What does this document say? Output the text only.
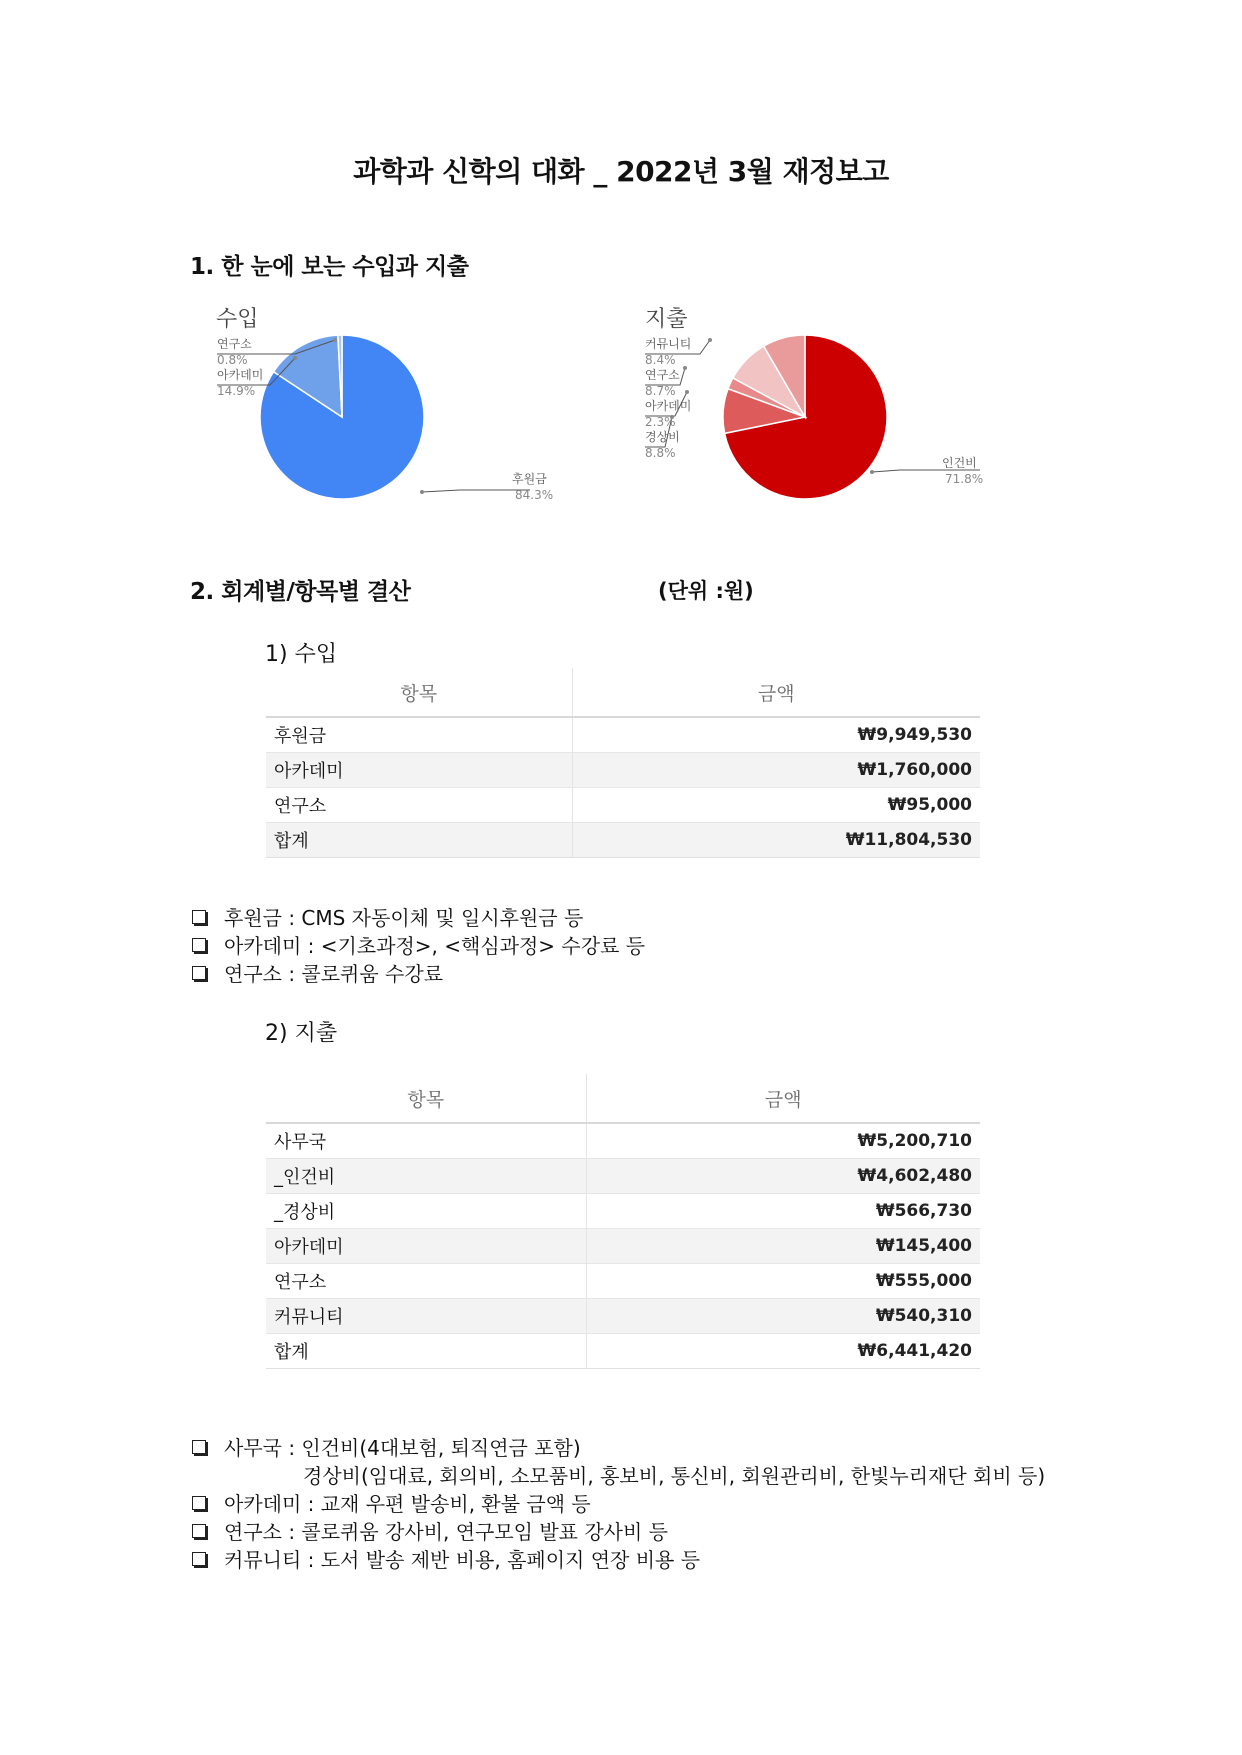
과학과 신학의 대화 _ 2022년 3월 재정보고
1. 한 눈에 보는 수입과 지출
수입
연구소
0.8%
아카데미
14.9%
후원금
84.3%
지출
커뮤니티
8.4%
연구소
8.7%
아카데미
2.3%
경상비
8.8%
인건비
71.8%
2. 회계별/항목별 결산	(단위 :원)
1) 수입
항목	금액
후원금	₩9,949,530
아카데미	₩1,760,000
연구소	₩95,000
합계	₩11,804,530
후원금 : CMS 자동이체 및 일시후원금 등
아카데미 : <기초과정>, <핵심과정> 수강료 등
연구소 : 콜로퀴움 수강료
2) 지출
항목	금액
사무국	₩5,200,710
_인건비	₩4,602,480
_경상비	₩566,730
아카데미	₩145,400
연구소	₩555,000
커뮤니티	₩540,310
합계	₩6,441,420
사무국 : 인건비(4대보험, 퇴직연금 포함)
경상비(임대료, 회의비, 소모품비, 홍보비, 통신비, 회원관리비, 한빛누리재단 회비 등)
아카데미 : 교재 우편 발송비, 환불 금액 등
연구소 : 콜로퀴움 강사비, 연구모임 발표 강사비 등
커뮤니티 : 도서 발송 제반 비용, 홈페이지 연장 비용 등
